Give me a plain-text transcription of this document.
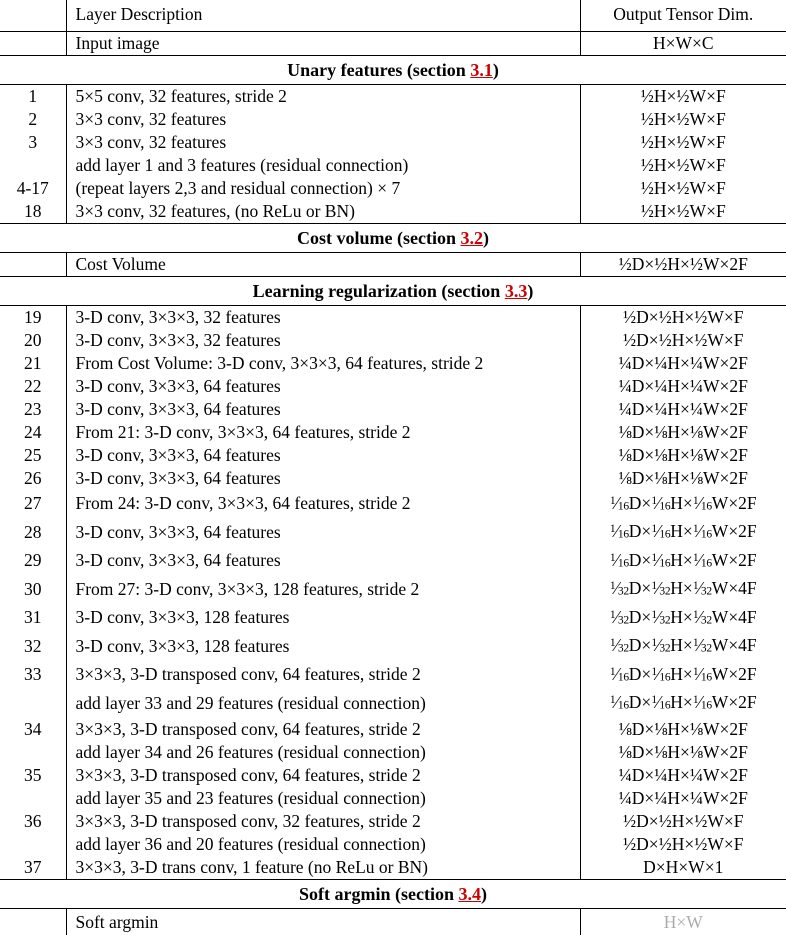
	Layer Description	Output Tensor Dim.

	Input image	H×W×C
Unary features (section 3.1)		
1	5×5 conv, 32 features, stride 2	½H×½W×F
2	3×3 conv, 32 features	½H×½W×F
3	3×3 conv, 32 features	½H×½W×F
	add layer 1 and 3 features (residual connection)	½H×½W×F
4-17	(repeat layers 2,3 and residual connection) × 7	½H×½W×F
18	3×3 conv, 32 features, (no ReLu or BN)	½H×½W×F
Cost volume (section 3.2)		
	Cost Volume	½D×½H×½W×2F
Learning regularization (section 3.3)		
19	3-D conv, 3×3×3, 32 features	½D×½H×½W×F
20	3-D conv, 3×3×3, 32 features	½D×½H×½W×F
21	From Cost Volume: 3-D conv, 3×3×3, 64 features, stride 2	¼D×¼H×¼W×2F
22	3-D conv, 3×3×3, 64 features	¼D×¼H×¼W×2F
23	3-D conv, 3×3×3, 64 features	¼D×¼H×¼W×2F
24	From 21: 3-D conv, 3×3×3, 64 features, stride 2	⅛D×⅛H×⅛W×2F
25	3-D conv, 3×3×3, 64 features	⅛D×⅛H×⅛W×2F
26	3-D conv, 3×3×3, 64 features	⅛D×⅛H×⅛W×2F
27	From 24: 3-D conv, 3×3×3, 64 features, stride 2	$^1$⁄16D×$^1$⁄16H×$^1$⁄16W×2F
28	3-D conv, 3×3×3, 64 features	$^1$⁄16D×$^1$⁄16H×$^1$⁄16W×2F
29	3-D conv, 3×3×3, 64 features	$^1$⁄16D×$^1$⁄16H×$^1$⁄16W×2F
30	From 27: 3-D conv, 3×3×3, 128 features, stride 2	$^1$⁄32D×$^1$⁄32H×$^1$⁄32W×4F
31	3-D conv, 3×3×3, 128 features	$^1$⁄32D×$^1$⁄32H×$^1$⁄32W×4F
32	3-D conv, 3×3×3, 128 features	$^1$⁄32D×$^1$⁄32H×$^1$⁄32W×4F
33	3×3×3, 3-D transposed conv, 64 features, stride 2	$^1$⁄16D×$^1$⁄16H×$^1$⁄16W×2F
	add layer 33 and 29 features (residual connection)	$^1$⁄16D×$^1$⁄16H×$^1$⁄16W×2F
34	3×3×3, 3-D transposed conv, 64 features, stride 2	⅛D×⅛H×⅛W×2F
	add layer 34 and 26 features (residual connection)	⅛D×⅛H×⅛W×2F
35	3×3×3, 3-D transposed conv, 64 features, stride 2	¼D×¼H×¼W×2F
	add layer 35 and 23 features (residual connection)	¼D×¼H×¼W×2F
36	3×3×3, 3-D transposed conv, 32 features, stride 2	½D×½H×½W×F
	add layer 36 and 20 features (residual connection)	½D×½H×½W×F
37	3×3×3, 3-D trans conv, 1 feature (no ReLu or BN)	D×H×W×1
Soft argmin (section 3.4)		
	Soft argmin	H×W
